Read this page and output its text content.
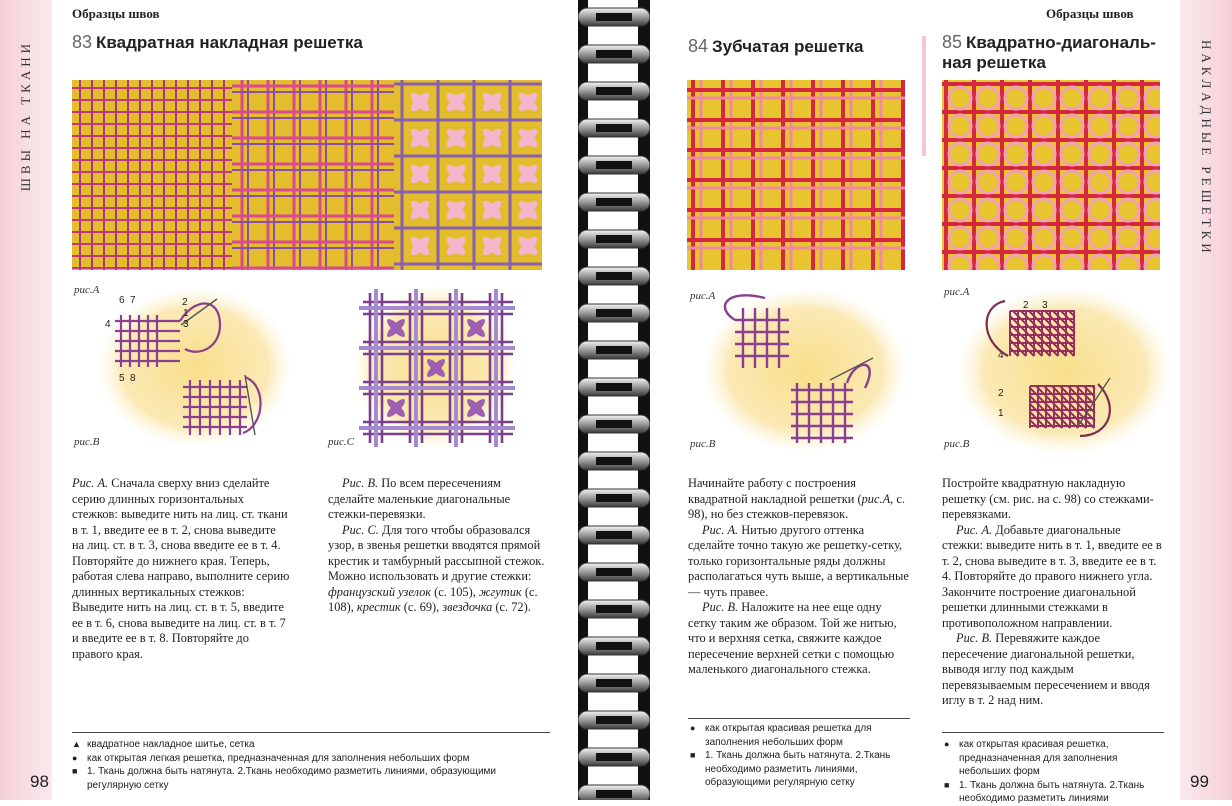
ШВЫ НА ТКАНИ	НАКЛАДНЫЕ РЕШЕТКИ
Образцы швов	Образцы швов
83 Квадратная накладная решетка
рис.A
рис.B	рис.C
6 7	2
1
4	3
5 8

Рис. А. Сначала сверху вниз сделайте серию длинных горизонтальных стежков: выведите нить на лиц. ст. ткани в т. 1, введите ее в т. 2, снова выведите на лиц. ст. в т. 3, снова введите ее в т. 4. Повторяйте до нижнего края. Теперь, работая слева направо, выполните серию длинных вертикальных стежков: Выведите нить на лиц. ст. в т. 5, введите ее в т. 6, снова выведите на лиц. ст. в т. 7 и введите ее в т. 8. Повторяйте до правого края.

Рис. В. По всем пересечениям сделайте маленькие диагональные стежки-перевязки.

Рис. С. Для того чтобы образовался узор, в звенья решетки вводятся прямой крестик и тамбурный рассыпной стежок. Можно использовать и другие стежки: французский узелок (с. 105), жгутик (с. 108), крестик (с. 69), звездочка (с. 72).

▲ квадратное накладное шитье, сетка
● как открытая легкая решетка, предназначенная для заполнения небольших форм
■ 1. Ткань должна быть натянута. 2.Ткань необходимо разметить линиями, образующими регулярную сетку
98
84 Зубчатая решетка
рис.A
рис.B

Начинайте работу с построения квадратной накладной решетки (рис.А, с. 98), но без стежков-перевязок.

Рис. А. Нитью другого оттенка сделайте точно такую же решетку-сетку, только горизонтальные ряды должны располагаться чуть выше, а вертикальные — чуть правее.

Рис. В. Наложите на нее еще одну сетку таким же образом. Той же нитью, что и верхняя сетка, свяжите каждое пересечение верхней сетки с помощью маленького диагонального стежка.

● как открытая красивая решетка для заполнения небольших форм
■ 1. Ткань должна быть натянута. 2.Ткань необходимо разметить линиями, образующими регулярную сетку
85 Квадратно-диагональ-
ная решетка
рис.A
рис.B
2 3
4
2
1

Постройте квадратную накладную решетку (см. рис. на с. 98) со стежками-перевязками.

Рис. А. Добавьте диагональные стежки: выведите нить в т. 1, введите ее в т. 2, снова выведите в т. 3, введите ее в т. 4. Повторяйте до правого нижнего угла. Закончите построение диагональной решетки длинными стежками в противоположном направлении.

Рис. В. Перевяжите каждое пересечение диагональной решетки, выводя иглу под каждым перевязываемым пересечением и вводя иглу в т. 2 над ним.

● как открытая красивая решетка, предназначенная для заполнения небольших форм
■ 1. Ткань должна быть натянута. 2.Ткань необходимо разметить линиями
99
